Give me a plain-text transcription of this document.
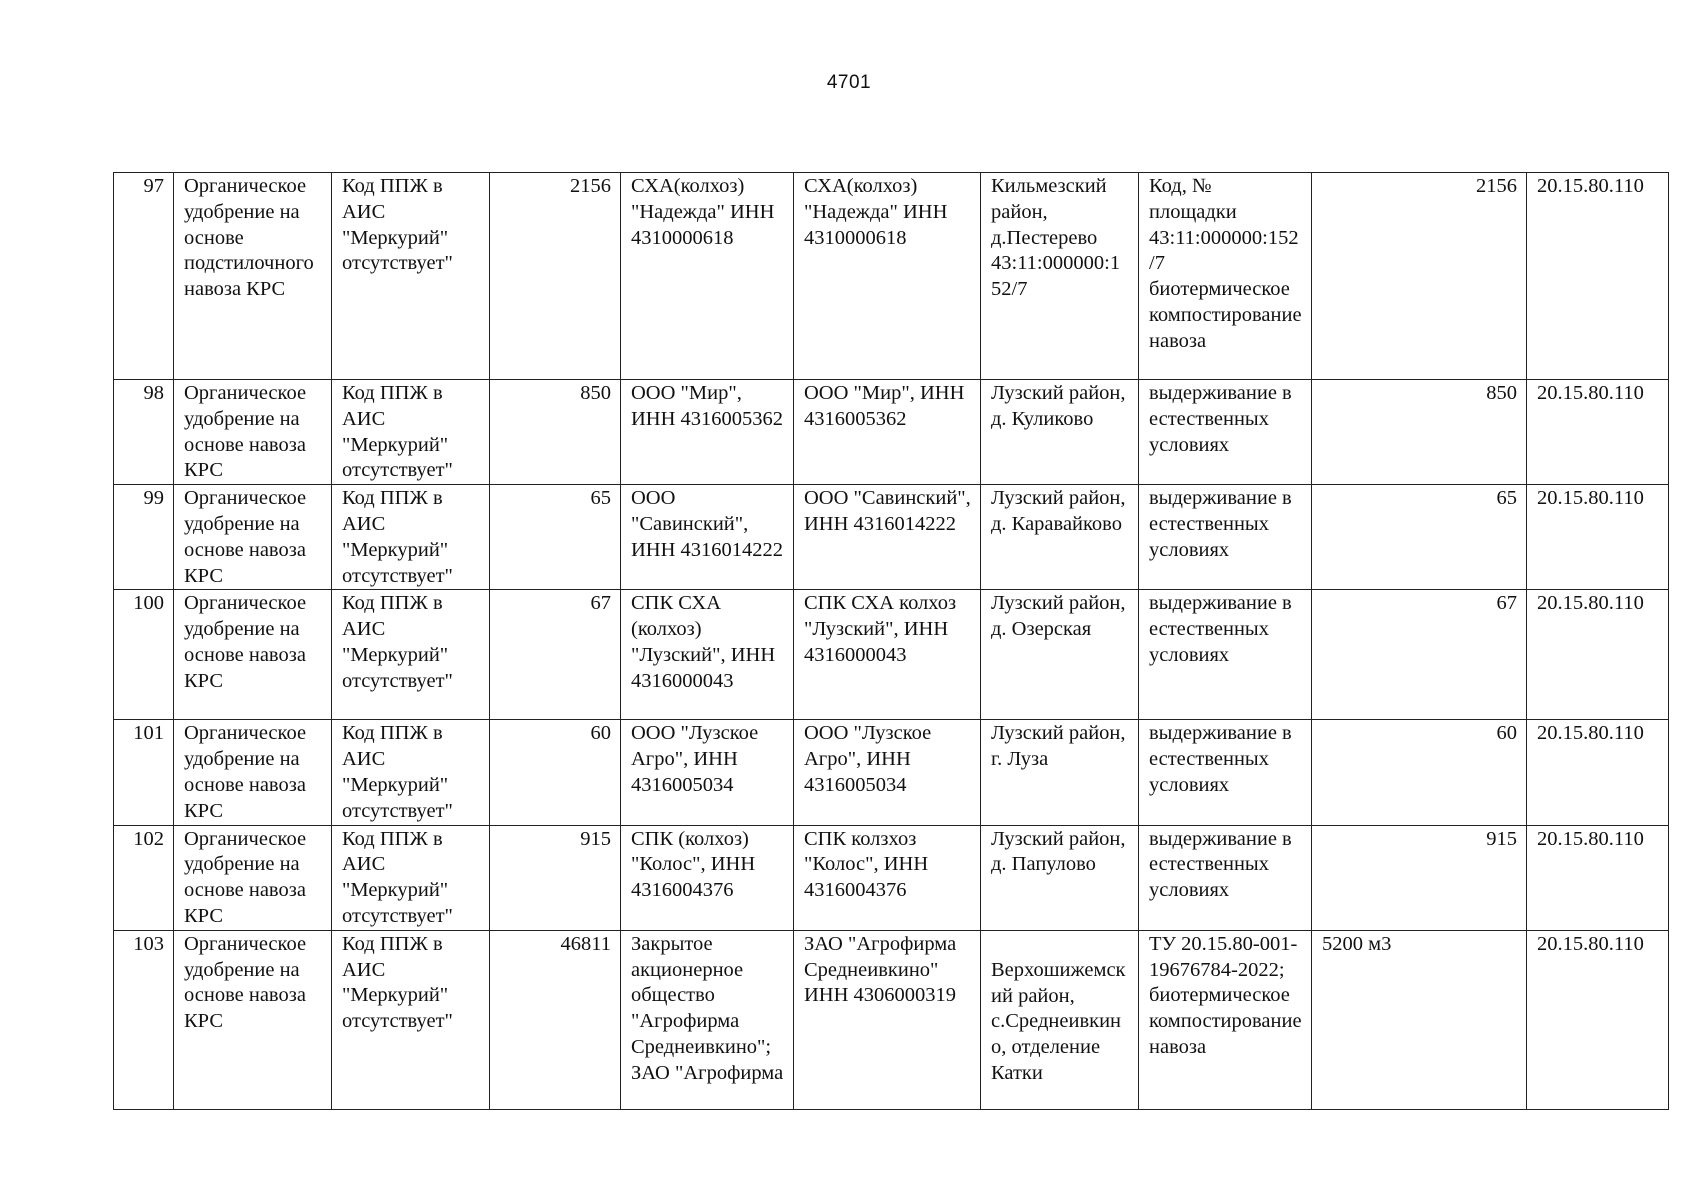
4701
97	Органическое удобрение на основе подстилочного навоза КРС	Код ППЖ в АИС "Меркурий" отсутствует"	2156	СХА(колхоз) "Надежда" ИНН 4310000618	СХА(колхоз) "Надежда" ИНН 4310000618	Кильмезский район, д.Пестерево 43:11:000000:152/7	Код, № площадки 43:11:000000:152/7 биотермическое компостирование навоза	2156	20.15.80.110
98	Органическое удобрение на основе навоза КРС	Код ППЖ в АИС "Меркурий" отсутствует"	850	ООО "Мир", ИНН 4316005362	ООО "Мир", ИНН 4316005362	Лузский район, д. Куликово	выдерживание в естественных условиях	850	20.15.80.110
99	Органическое удобрение на основе навоза КРС	Код ППЖ в АИС "Меркурий" отсутствует"	65	ООО "Савинский", ИНН 4316014222	ООО "Савинский", ИНН 4316014222	Лузский район, д. Каравайково	выдерживание в естественных условиях	65	20.15.80.110
100	Органическое удобрение на основе навоза КРС	Код ППЖ в АИС "Меркурий" отсутствует"	67	СПК СХА (колхоз) "Лузский", ИНН 4316000043	СПК СХА колхоз "Лузский", ИНН 4316000043	Лузский район, д. Озерская	выдерживание в естественных условиях	67	20.15.80.110
101	Органическое удобрение на основе навоза КРС	Код ППЖ в АИС "Меркурий" отсутствует"	60	ООО "Лузское Агро", ИНН 4316005034	ООО "Лузское Агро", ИНН 4316005034	Лузский район, г. Луза	выдерживание в естественных условиях	60	20.15.80.110
102	Органическое удобрение на основе навоза КРС	Код ППЖ в АИС "Меркурий" отсутствует"	915	СПК (колхоз) "Колос", ИНН 4316004376	СПК колзхоз "Колос", ИНН 4316004376	Лузский район, д. Папулово	выдерживание в естественных условиях	915	20.15.80.110
103	Органическое удобрение на основе навоза КРС	Код ППЖ в АИС "Меркурий" отсутствует"	46811	Закрытое акционерное общество "Агрофирма Среднеивкино"; ЗАО "Агрофирма	ЗАО "Агрофирма Среднеивкино" ИНН 4306000319	Верхошижемский район, с.Среднеивкино, отделение Катки	ТУ 20.15.80-001-19676784-2022; биотермическое компостирование навоза	5200 м3	20.15.80.110
